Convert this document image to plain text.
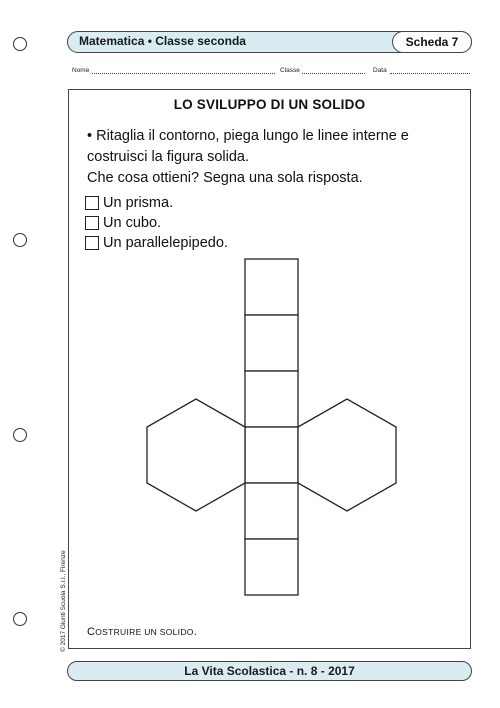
Matematica • Classe seconda	Scheda 7
Nome	Classe	Data
LO SVILUPPO DI UN SOLIDO
• Ritaglia il contorno, piega lungo le linee interne e
costruisci la figura solida.
Che cosa ottieni? Segna una sola risposta.
Un prisma.
Un cubo.
Un parallelepipedo.
COSTRUIRE UN SOLIDO.
La Vita Scolastica - n. 8 - 2017
© 2017 Giunti Scuola S.r.l., Firenze
